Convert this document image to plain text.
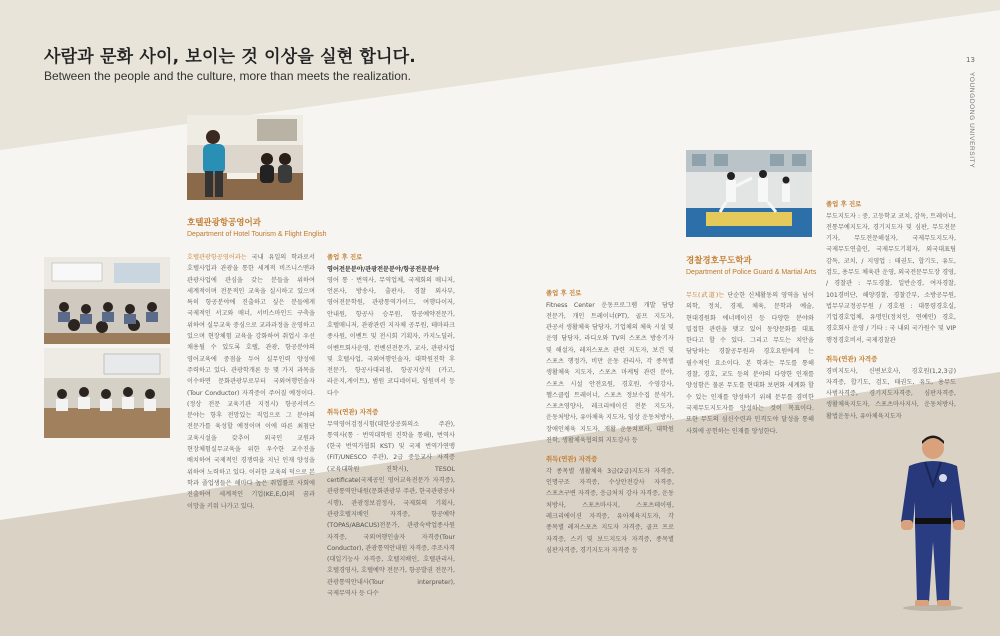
사람과 문화 사이, 보이는 것 이상을 실현 합니다.
Between the people and the culture, more than meets the realization.
13
YOUNGDONG UNIVERSITY
호텔관광항공영어과
Department of Hotel Tourism & Flight English
호텔관광항공영어과는 국내 유일의 학과로서 호텔사업과 관광을 통한 세계적 비즈니스맨과 관광사업에 관심을 갖는 분들을 위하여 세계적이며 전문적인 교육을 실시하고 있으며 특히 항공분야에 진출하고 싶은 분들에게 국제적인 서고와 매너, 서비스마인드 구축을 위하여 실무교육 중심으로 교과과정을 운영하고 있으며 현장체험 교육을 강화하여 취업시 우선 채용될 수 있도록 호텔, 관광, 항공분야의 영어교육에 중점을 두어 실무인력 양성에 주력하고 있다. 관광학개론 등 몇 가지 과목을 이수하면 문화관광부로부터 국외여행인솔자(Tour Conductor) 자격증이 주어질 예정이다.(정상 전문 교육기관 지정시) 항공서비스 분야는 항후 전망있는 직업으로 그 분야의 전문가를 육성할 예정이며 이에 따른 최첨단 교육시설을 갖추어 외국인 교원과 현장체험실무교육을 위한 우수한 교수진을 배치하여 국제적인 경쟁력을 지닌 인재 양성을 위하여 노력하고 있다. 이러한 교육의 덕으로 본 학과 졸업생들은 해마다 높은 취업률로 사회에 진출하여 세계적인 기업(KE,E,O)의 꿈과 이망을 키워 나가고 있다.
졸업 후 진로
영어전문분야/관광전문분야/항공전문분야
영어 통 · 번역사, 무역업체, 국제회의 매니저, 언론사, 방송사, 출판사, 경찰 외사부, 영어전문학원, 관광통역가이드, 여행다이저, 안내원, 항공사 승무원, 항공예약전문가, 호텔매니저, 관광관련 지자체 공무원, 테마파크 종사원, 이벤트 및 전시회 기획자, 카지노딜러, 이벤트회사운영, 컨벤션전문가, 교사, 관광사업 및 호텔사업, 국외여행인솔자, 대학원진학 후 전문가, 항공사대리점, 항공지상직 (카고,라운지,게이트), 범원 코디네이터, 임원비서 등 다수
취득(연관) 자격증
무역영어검정시험(대한상공회의소 주관), 통역사(통 · 번역대학원 진학을 통해), 번역사(한국 번역가협회 KST) 및 국제 번역가연맹(FIT/UNESCO 주관), 2급 중등교사 자격증(교육대학원 진학시), TESOL certificate(국제공인 영어교육전문가 자격증), 관광통역안내원(문화관광부 주관, 한국관광공사 시행), 관광정보검정사, 국제회의 기획사, 관광호텔지배인 자격증, 항공예약(TOPAS/ABACUS)전문가, 관광숙박업종사원 자격증, 국외여행인솔자 자격증(Tour Conductor), 관광통역안내원 자격증, 주조사격(대일기능사 자격증, 호텔지배인, 호텔관리사, 호텔경영사, 호텔예약 전문가, 항공발권 전문가, 관광통역안내사(Tour interpreter), 국제무역사 등 다수
졸업 후 진로
Fitness Center 운동프로그램 개발 담당 전문가, 개인 트레이너(PT), 골프 지도자, 관공서 생활체육 담당자, 기업체의 체육 시설 및 운영 담당자, 라디오와 TV의 스포츠 방송기자 및 해설자, 레저스포츠 관련 지도자, 보건 및 스포츠 행정가, 비만 운동 관리사, 각 종목별 생활체육 지도자, 스포츠 마케팅 관련 분야, 스포츠 시설 안전요원, 경호원, 수영강사, 헬스클럽 트레이너, 스포츠 정보수집 분석가, 스포츠영양사, 레크리에이션 전문 지도자, 운동처방사, 유아체육 지도자, 임상 운동처방사, 장애인체육 지도자, 재활 운동치료사, 대학원 진학, 생활체육협의회 지도강사 등
취득(연관) 자격증
각 종목별 생활체육 3급(2급)지도자 자격증, 인명구조 자격증, 수상안전강사 자격증, 스포츠구변 자격증, 응급처치 강사 자격증, 운동 처방사, 스포츠마사지, 스포츠테이핑, 레크리에이션 자격증, 유아체육지도자, 각 종목별 레저스포츠 지도자 자격증, 골프 프로 자격증, 스키 및 보드지도자 자격증, 종목별 심판자격증, 경기지도자 자격증 등
경찰경호무도학과
Department of Police Guard & Martial Arts
무도(武道)는 단순한 신체활동의 영역을 넘어 의학, 정치, 경제, 체육, 문학과 예술, 현대경원화 에너메이션 등 다양한 분야와 밀접한 관련을 맺고 있어 동양문화를 대표 한다고 할 수 있다. 그리고 무도는 치안을 담당하는 경찰공무원과 경호요원에게 는 필수적인 요소이다. 본 학과는 무도를 통해 경찰, 경호, 교도 등의 분야의 다양한 인재를 양성함은 물론 무도를 현대화 보편화 세계화 할 수 있는 인재를 양성하기 위해 문무를 겸비한 국제무도지도자를 양성하는 것이 목표이다. 또한 무도의 심신수련과 인격도야 달성을 통해 사회에 공헌하는 인재를 양성한다.
졸업 후 진로
무도지도자 : 중, 고등학교 코치, 감독, 트레이너, 전통무예지도자, 경기지도자 및 심판, 무도전문 기자, 무도전문해설자, 국제무도지도자, 국제무도연출인, 국제무도기획자, 외국대표팀 감독, 코치, / 지영업 : 태권도, 합기도, 유도, 검도, 용무도 체육관 운영, 외국전문무도장 경영, / 경찰관 : 무도경찰, 일반순경, 여자경찰, 101경비단, 해양경찰, 경찰간부, 소방공무원, 법무부교정공무원 / 경호원 : 대통령경호실, 기업경호업체, 유명인(정치인, 연예인) 경호, 경호회사 운영 / 기타 : 국 내외 국가원수 및 VIP 행정경호비서, 국제경찰관
취득(연관) 자격증
경비지도사, 신변보호사, 경호원(1,2,3급) 자격증, 합기도, 검도, 태권도, 유도, 용무도 사범자격증, 경기지도자격증, 심판자격증, 생활체육지도자, 스포츠마사지사, 운동처방사, 활법운동사, 유아체육지도자
